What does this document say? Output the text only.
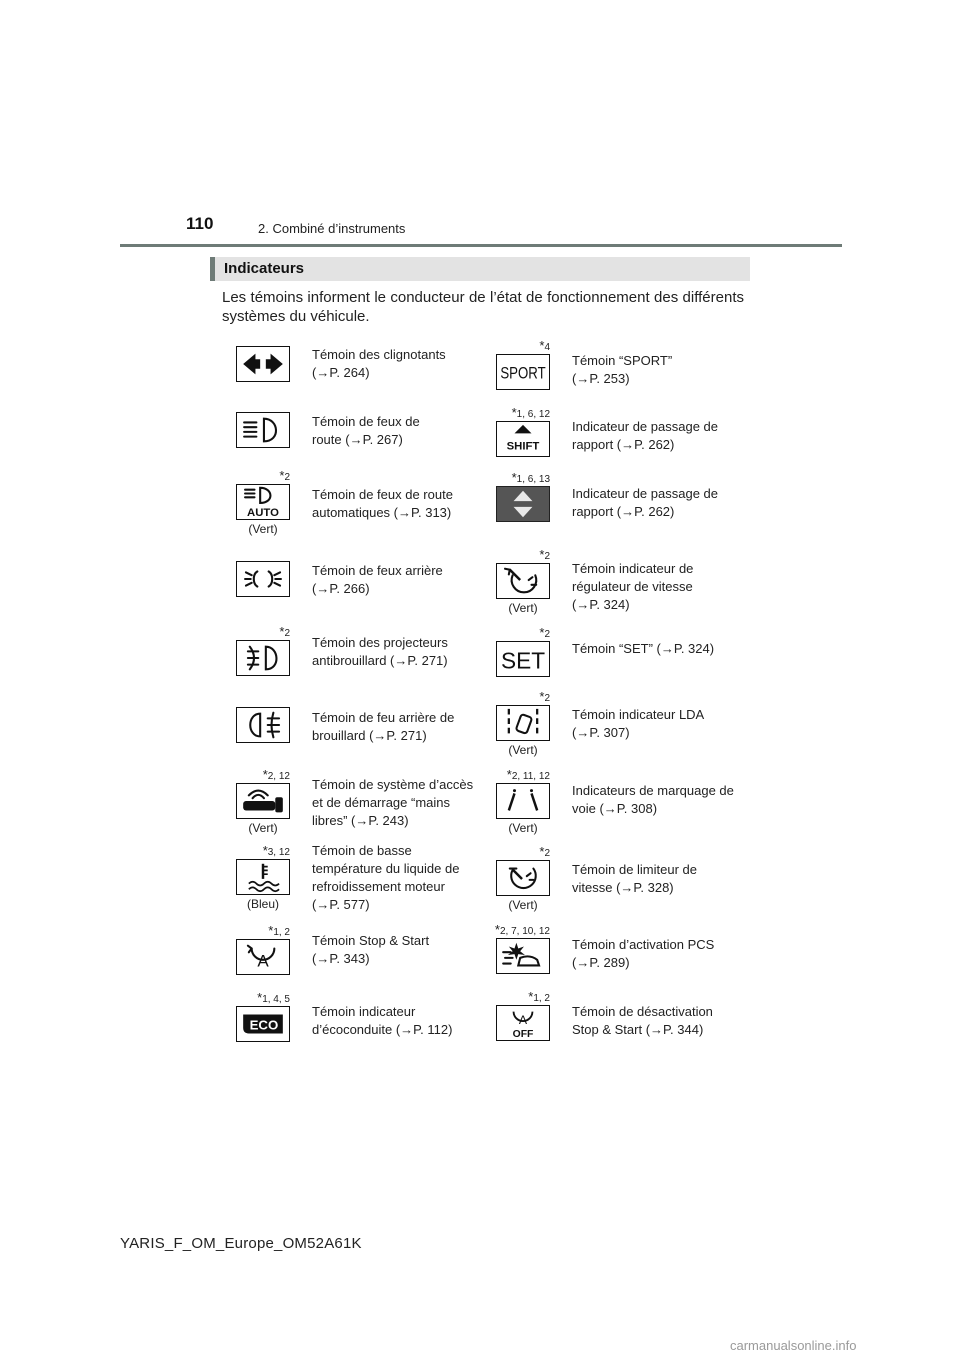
110	2. Combiné d’instruments
Indicateurs
Les témoins informent le conducteur de l’état de fonctionnement des différents systèmes du véhicule.
Témoin des clignotants
(→P. 264)
Témoin de feux de
route (→P. 267)
*2
AUTO
(Vert)
Témoin de feux de route
automatiques (→P. 313)
Témoin de feux arrière
(→P. 266)
*2
Témoin des projecteurs
antibrouillard (→P. 271)
Témoin de feu arrière de
brouillard (→P. 271)
*2, 12
(Vert)
Témoin de système d’accès
et de démarrage “mains
libres” (→P. 243)
*3, 12
(Bleu)
Témoin de basse
température du liquide de
refroidissement moteur
(→P. 577)
*1, 2
A
Témoin Stop & Start
(→P. 343)
*1, 4, 5
ECO
Témoin indicateur
d’écoconduite (→P. 112)
*4
SPORT
Témoin “SPORT”
(→P. 253)
*1, 6, 12
SHIFT
Indicateur de passage de
rapport (→P. 262)
*1, 6, 13
Indicateur de passage de
rapport (→P. 262)
*2
(Vert)
Témoin indicateur de
régulateur de vitesse
(→P. 324)
*2
SET Témoin “SET” (→P. 324)
*2
(Vert)
Témoin indicateur LDA
(→P. 307)
*2, 11, 12
(Vert)
Indicateurs de marquage de
voie (→P. 308)
*2
(Vert)
Témoin de limiteur de
vitesse (→P. 328)
*2, 7, 10, 12
Témoin d’activation PCS
(→P. 289)
*1, 2
A
OFF
Témoin de désactivation
Stop & Start (→P. 344)
YARIS_F_OM_Europe_OM52A61K
carmanualsonline.info
